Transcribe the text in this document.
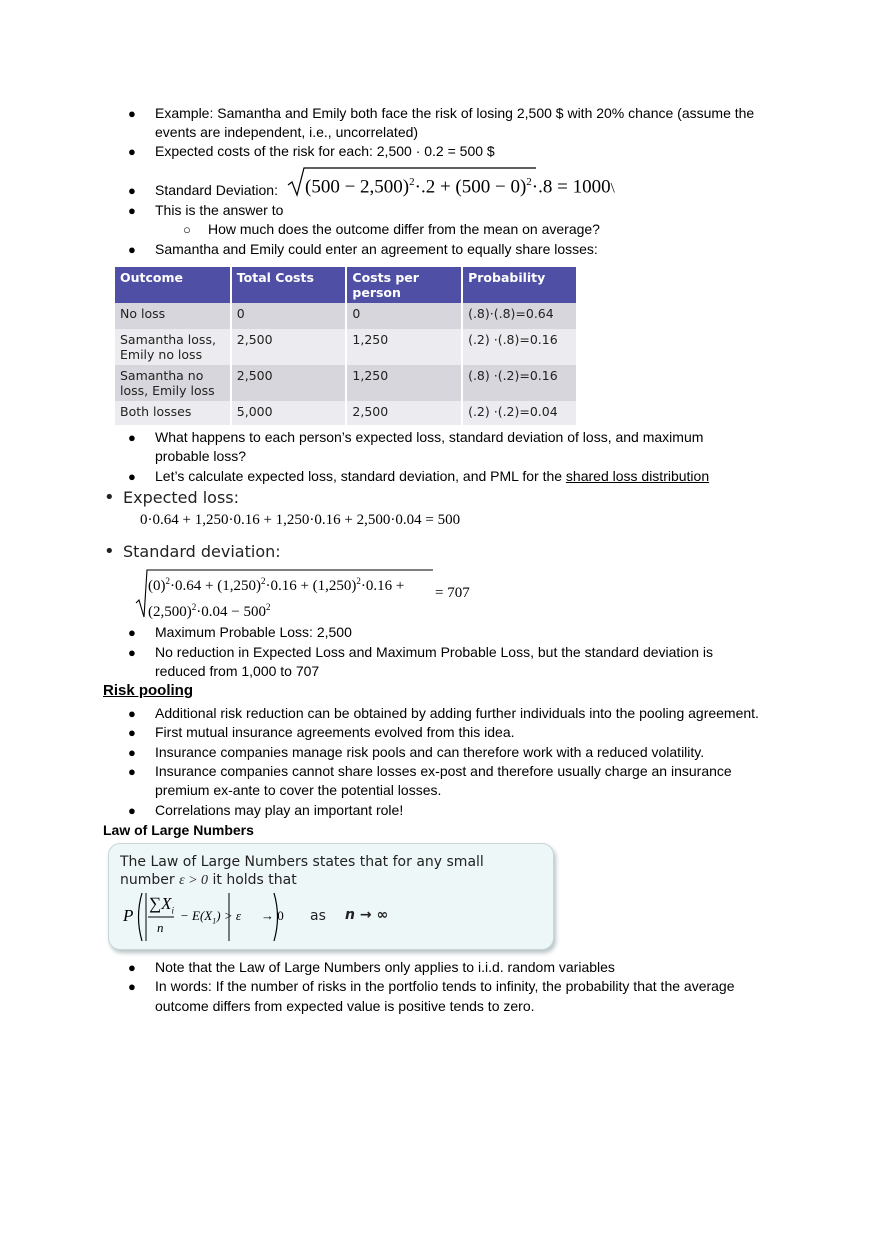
● Example: Samantha and Emily both face the risk of losing 2,500 $ with 20% chance (assume the
events are independent, i.e., uncorrelated)
● Expected costs of the risk for each: 2,500 · 0.2 = 500 $
● Standard Deviation:	$(500 - 2,500)^2\cdot.2 + (500 - 0)^2\cdot.8$ = 1000\
● This is the answer to
○ How much does the outcome differ from the mean on average?
● Samantha and Emily could enter an agreement to equally share losses:
Outcome	Total Costs	Costs per person	Probability
No loss	0	0	(.8)·(.8)=0.64
Samantha loss, Emily no loss	2,500	1,250	(.2) ·(.8)=0.16
Samantha no loss, Emily loss	2,500	1,250	(.8) ·(.2)=0.16
Both losses	5,000	2,500	(.2) ·(.2)=0.04
● What happens to each person’s expected loss, standard deviation of loss, and maximum
probable loss?
● Let’s calculate expected loss, standard deviation, and PML for the shared loss distribution
• Expected loss:
0·0.64 + 1,250·0.16 + 1,250·0.16 + 2,500·0.04 = 500
• Standard deviation:
$(0)^2\cdot 0.64 + (1,250)^2\cdot 0.16 + (1,250)^2\cdot 0.16$ +
$(2,500)^2\cdot 0.04 - 500^2$
= 707
● Maximum Probable Loss: 2,500
● No reduction in Expected Loss and Maximum Probable Loss, but the standard deviation is
reduced from 1,000 to 707
Risk pooling
● Additional risk reduction can be obtained by adding further individuals into the pooling agreement.
● First mutual insurance agreements evolved from this idea.
● Insurance companies manage risk pools and can therefore work with a reduced volatility.
● Insurance companies cannot share losses ex-post and therefore usually charge an insurance
premium ex-ante to cover the potential losses.
● Correlations may play an important role!
Law of Large Numbers
The Law of Large Numbers states that for any small
number ε > 0 it holds that
P
$\sum X_i$
n
− $E(X_1) > \varepsilon \to 0$ as n → ∞
● Note that the Law of Large Numbers only applies to i.i.d. random variables
● In words: If the number of risks in the portfolio tends to infinity, the probability that the average
outcome differs from expected value is positive tends to zero.
